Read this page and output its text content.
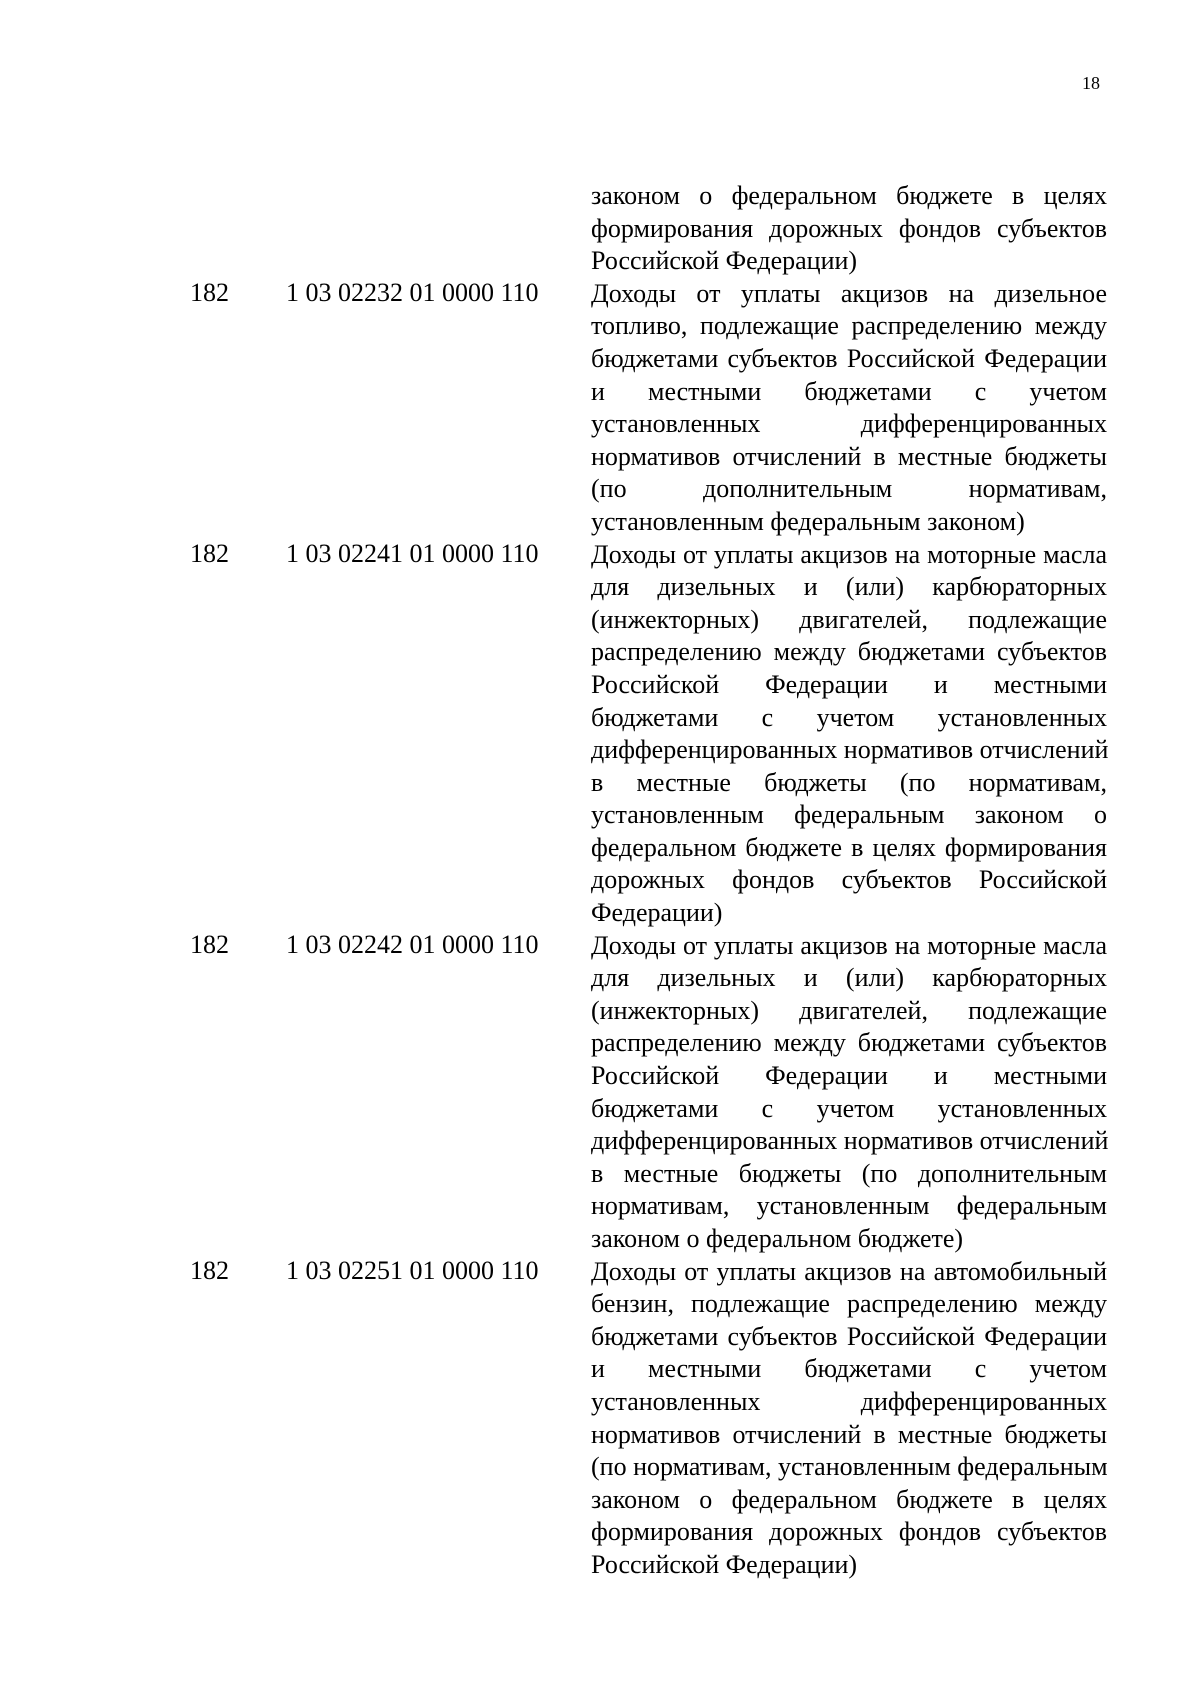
18
законом о федеральном бюджете в целях
формирования дорожных фондов субъектов
Российской Федерации)
182 1 03 02232 01 0000 110 Доходы от уплаты акцизов на дизельное
топливо, подлежащие распределению между
бюджетами субъектов Российской Федерации
и местными бюджетами с учетом
установленных дифференцированных
нормативов отчислений в местные бюджеты
(по дополнительным нормативам,
установленным федеральным законом)
182 1 03 02241 01 0000 110 Доходы от уплаты акцизов на моторные масла
для дизельных и (или) карбюраторных
(инжекторных) двигателей, подлежащие
распределению между бюджетами субъектов
Российской Федерации и местными
бюджетами с учетом установленных
дифференцированных нормативов отчислений
в местные бюджеты (по нормативам,
установленным федеральным законом о
федеральном бюджете в целях формирования
дорожных фондов субъектов Российской
Федерации)
182 1 03 02242 01 0000 110 Доходы от уплаты акцизов на моторные масла
для дизельных и (или) карбюраторных
(инжекторных) двигателей, подлежащие
распределению между бюджетами субъектов
Российской Федерации и местными
бюджетами с учетом установленных
дифференцированных нормативов отчислений
в местные бюджеты (по дополнительным
нормативам, установленным федеральным
законом о федеральном бюджете)
182 1 03 02251 01 0000 110 Доходы от уплаты акцизов на автомобильный
бензин, подлежащие распределению между
бюджетами субъектов Российской Федерации
и местными бюджетами с учетом
установленных дифференцированных
нормативов отчислений в местные бюджеты
(по нормативам, установленным федеральным
законом о федеральном бюджете в целях
формирования дорожных фондов субъектов
Российской Федерации)
